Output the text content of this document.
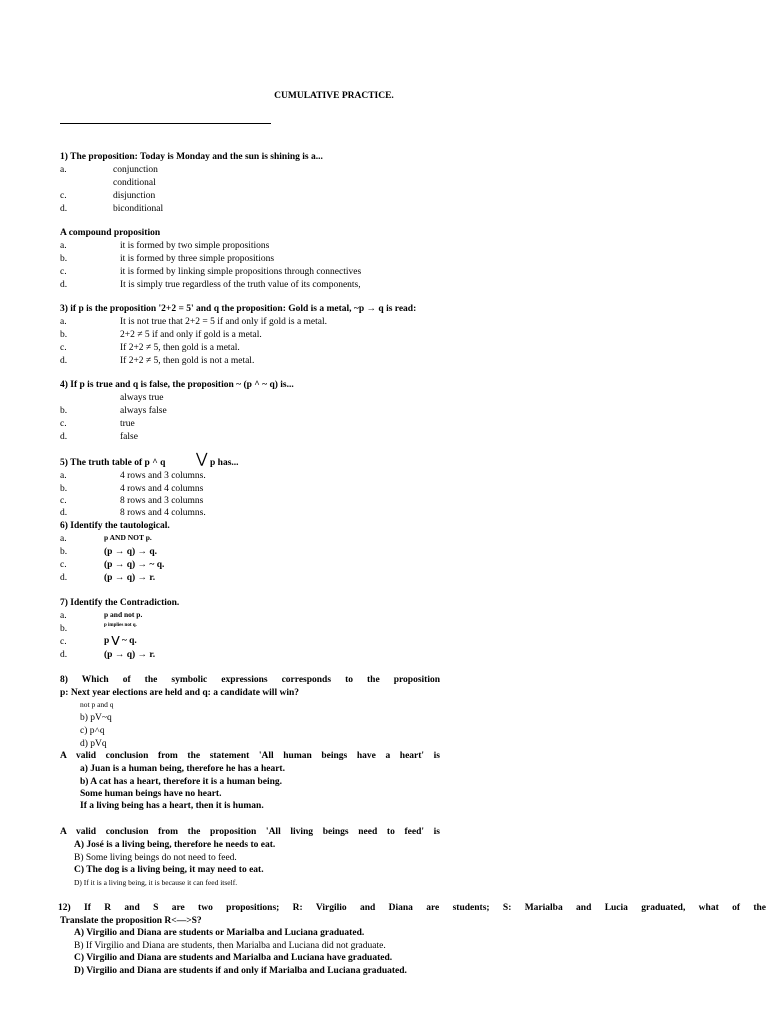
CUMULATIVE PRACTICE.
1) The proposition: Today is Monday and the sun is shining is a...
a.	conjunction
conditional
c.	disjunction
d.	biconditional
A compound proposition
a.	it is formed by two simple propositions
b.	it is formed by three simple propositions
c.	it is formed by linking simple propositions through connectives
d.	It is simply true regardless of the truth value of its components,
3) if p is the proposition '2+2 = 5' and q the proposition: Gold is a metal, ~p → q is read:
a.	It is not true that 2+2 = 5 if and only if gold is a metal.
b.	2+2 ≠ 5 if and only if gold is a metal.
c.	If 2+2 ≠ 5, then gold is a metal.
d.	If 2+2 ≠ 5, then gold is not a metal.
4) If p is true and q is false, the proposition ~ (p ^ ~ q) is...
always true
b.	always false
c.	true
d.	false
5) The truth table of p ^ q ⋁ p has...
a.	4 rows and 3 columns.
b.	4 rows and 4 columns
c.	8 rows and 3 columns
d.	8 rows and 4 columns.
6) Identify the tautological.
a.	p AND NOT p.
b.	(p → q) → q.
c.	(p → q) → ~ q.
d.	(p → q) → r.
7) Identify the Contradiction.
a.	p and not p.
b.	p implies not q.
c.	p ⋁ ~ q.
d.	(p → q) → r.
8) Which of the symbolic expressions corresponds to the proposition
p: Next year elections are held and q: a candidate will win?
not p and q
b) pV~q
c) p˄q
d) pVq
A valid conclusion from the statement 'All human beings have a heart' is
a) Juan is a human being, therefore he has a heart.
b) A cat has a heart, therefore it is a human being.
Some human beings have no heart.
If a living being has a heart, then it is human.
A valid conclusion from the proposition 'All living beings need to feed' is
A) José is a living being, therefore he needs to eat.
B) Some living beings do not need to feed.
C) The dog is a living being, it may need to eat.
D) If it is a living being, it is because it can feed itself.
12) If R and S are two propositions; R: Virgilio and Diana are students; S: Marialba and Lucia graduated, what of the
Translate the proposition R<—>S?
A) Virgilio and Diana are students or Marialba and Luciana graduated.
B) If Virgilio and Diana are students, then Marialba and Luciana did not graduate.
C) Virgilio and Diana are students and Marialba and Luciana have graduated.
D) Virgilio and Diana are students if and only if Marialba and Luciana graduated.
